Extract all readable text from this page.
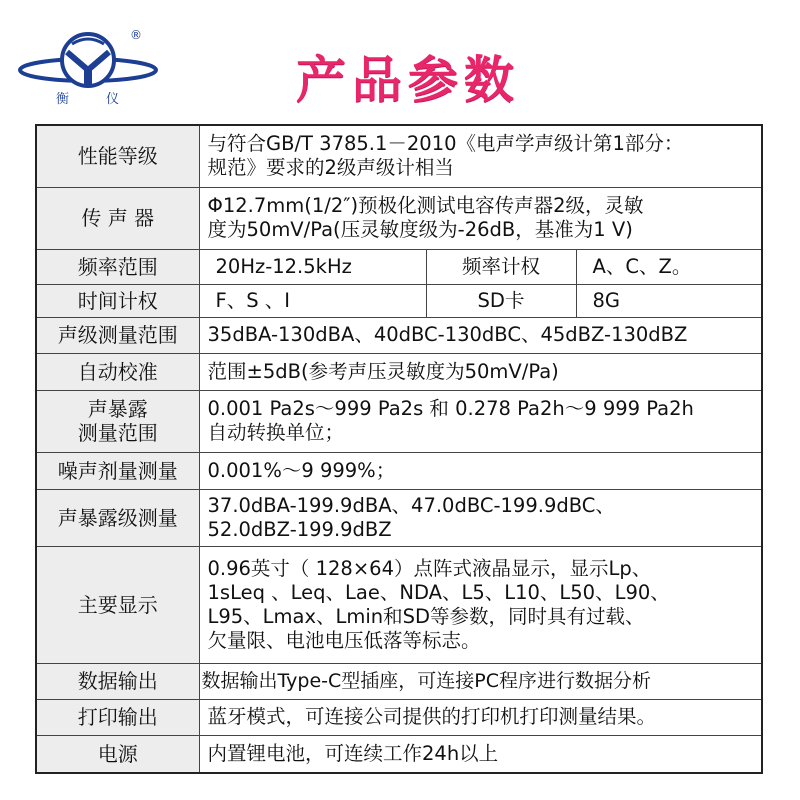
®
衡	仪	产品参数
性能等级	与符合GB/T 3785.1－2010《电声学声级计第1部分：
规范》要求的2级声级计相当		

传 声 器	Φ12.7mm(1/2″)预极化测试电容传声器2级，灵敏
度为50mV/Pa(压灵敏度级为-26dB，基准为1 V)		

频率范围	20Hz-12.5kHz	频率计权	A、C、Z。
时间计权	F、S 、I	SD卡	8G
声级测量范围	35dBA-130dBA、40dBC-130dBC、45dBZ-130dBZ		
自动校准	范围±5dB(参考声压灵敏度为50mV/Pa)		

声暴露
测量范围	0.001 Pa2s～999 Pa2s 和 0.278 Pa2h～9 999 Pa2h
自动转换单位；		

噪声剂量测量	0.001%～9 999%；		
声暴露级测量	37.0dBA-199.9dBA、47.0dBC-199.9dBC、
52.0dBZ-199.9dBZ		

主要显示	0.96英寸（ 128×64）点阵式液晶显示，显示Lp、
1sLeq 、Leq、Lae、NDA、L5、L10、L50、L90、
L95、Lmax、Lmin和SD等参数，同时具有过载、
欠量限、电池电压低落等标志。		

数据输出	数据输出Type-C型插座，可连接PC程序进行数据分析		
打印输出	蓝牙模式，可连接公司提供的打印机打印测量结果。		
电源	内置锂电池，可连续工作24h以上		
